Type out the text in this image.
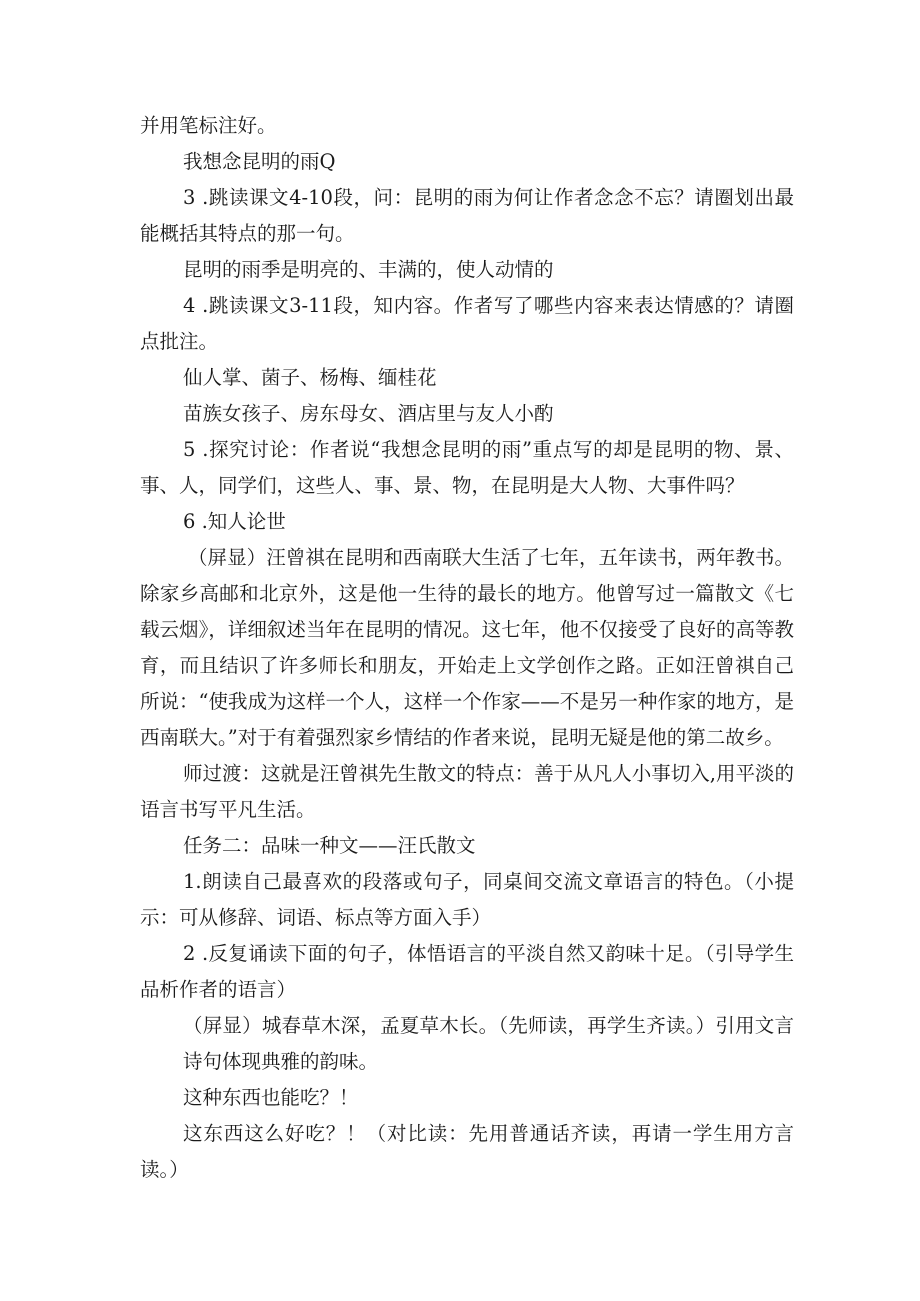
并用笔标注好。

我想念昆明的雨Q

3 .跳读课文4-10段，问：昆明的雨为何让作者念念不忘？请圈划出最能概括其特点的那一句。

昆明的雨季是明亮的、丰满的，使人动情的

4 .跳读课文3-11段，知内容。作者写了哪些内容来表达情感的？请圈点批注。

仙人掌、菌子、杨梅、缅桂花

苗族女孩子、房东母女、酒店里与友人小酌

5 .探究讨论：作者说“我想念昆明的雨”重点写的却是昆明的物、景、事、人，同学们，这些人、事、景、物，在昆明是大人物、大事件吗？

6 .知人论世

（屏显）汪曾祺在昆明和西南联大生活了七年，五年读书，两年教书。除家乡高邮和北京外，这是他一生待的最长的地方。他曾写过一篇散文《七载云烟》，详细叙述当年在昆明的情况。这七年，他不仅接受了良好的高等教育，而且结识了许多师长和朋友，开始走上文学创作之路。正如汪曾祺自己所说：“使我成为这样一个人，这样一个作家——不是另一种作家的地方，是西南联大。”对于有着强烈家乡情结的作者来说，昆明无疑是他的第二故乡。

师过渡：这就是汪曾祺先生散文的特点：善于从凡人小事切入,用平淡的语言书写平凡生活。

任务二：品味一种文——汪氏散文

1.朗读自己最喜欢的段落或句子，同桌间交流文章语言的特色。（小提示：可从修辞、词语、标点等方面入手）

2 .反复诵读下面的句子，体悟语言的平淡自然又韵味十足。（引导学生品析作者的语言）

（屏显）城春草木深，孟夏草木长。（先师读，再学生齐读。）引用文言诗句体现典雅的韵味。

这种东西也能吃？！

这东西这么好吃？！（对比读：先用普通话齐读，再请一学生用方言读。）
